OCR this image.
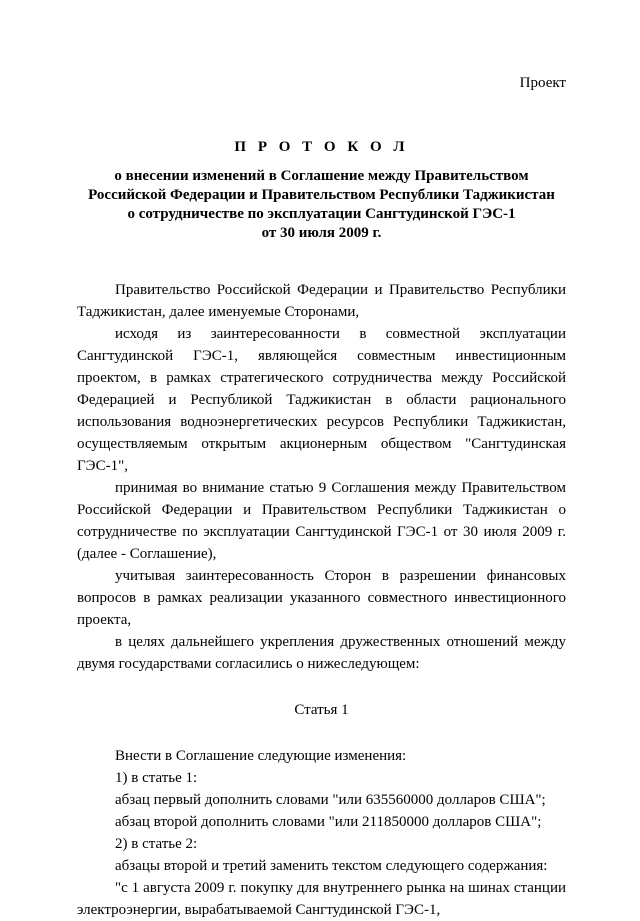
Проект

П Р О Т О К О Л
о внесении изменений в Соглашение между Правительством
Российской Федерации и Правительством Республики Таджикистан
о сотрудничестве по эксплуатации Сангтудинской ГЭС-1
от 30 июля 2009 г.

Правительство Российской Федерации и Правительство Республики Таджикистан, далее именуемые Сторонами,

исходя из заинтересованности в совместной эксплуатации Сангтудинской ГЭС-1, являющейся совместным инвестиционным проектом, в рамках стратегического сотрудничества между Российской Федерацией и Республикой Таджикистан в области рационального использования водноэнергетических ресурсов Республики Таджикистан, осуществляемым открытым акционерным обществом "Сангтудинская ГЭС-1",

принимая во внимание статью 9 Соглашения между Правительством Российской Федерации и Правительством Республики Таджикистан о сотрудничестве по эксплуатации Сангтудинской ГЭС-1 от 30 июля 2009 г. (далее - Соглашение),

учитывая заинтересованность Сторон в разрешении финансовых вопросов в рамках реализации указанного совместного инвестиционного проекта,

в целях дальнейшего укрепления дружественных отношений между двумя государствами согласились о нижеследующем:

Статья 1

Внести в Соглашение следующие изменения:

1) в статье 1:

абзац первый дополнить словами "или 635560000 долларов США";

абзац второй дополнить словами "или 211850000 долларов США";

2) в статье 2:

абзацы второй и третий заменить текстом следующего содержания:

"с 1 августа 2009 г. покупку для внутреннего рынка на шинах станции электроэнергии, вырабатываемой Сангтудинской ГЭС-1,
